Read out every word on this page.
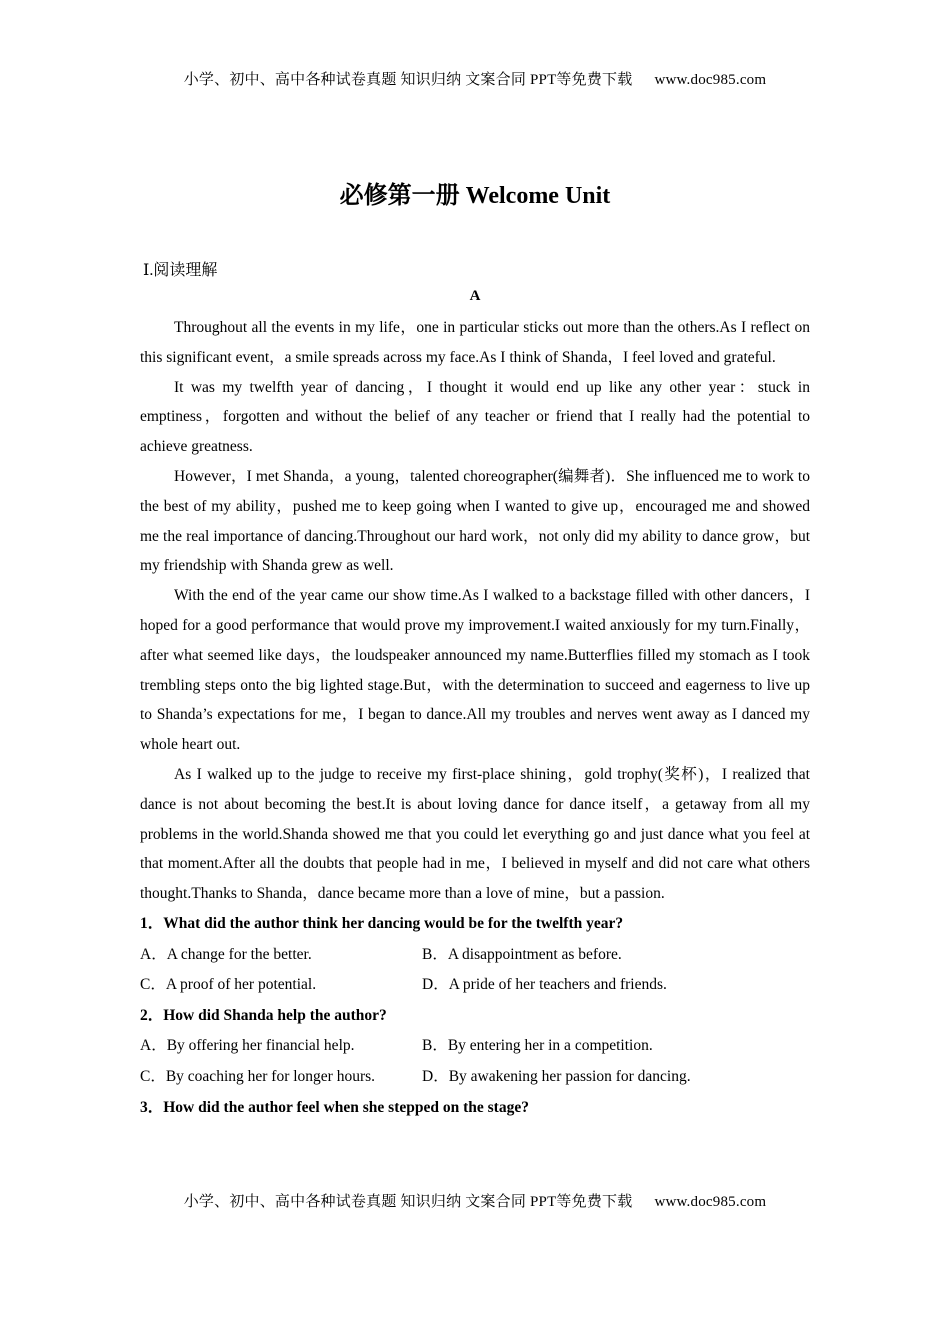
小学、初中、高中各种试卷真题 知识归纳 文案合同 PPT等免费下载 www.doc985.com
必修第一册 Welcome Unit
Ⅰ.阅读理解
A

Throughout all the events in my life，one in particular sticks out more than the others.As I reflect on this significant event，a smile spreads across my face.As I think of Shanda，I feel loved and grateful.

It was my twelfth year of dancing，I thought it would end up like any other year：stuck in emptiness，forgotten and without the belief of any teacher or friend that I really had the potential to achieve greatness.

However，I met Shanda，a young，talented choreographer(编舞者)．She influenced me to work to the best of my ability，pushed me to keep going when I wanted to give up，encouraged me and showed me the real importance of dancing.Throughout our hard work，not only did my ability to dance grow，but my friendship with Shanda grew as well.

With the end of the year came our show time.As I walked to a backstage filled with other dancers，I hoped for a good performance that would prove my improvement.I waited anxiously for my turn.Finally，after what seemed like days，the loudspeaker announced my name.Butterflies filled my stomach as I took trembling steps onto the big lighted stage.But，with the determination to succeed and eagerness to live up to Shanda’s expectations for me，I began to dance.All my troubles and nerves went away as I danced my whole heart out.

As I walked up to the judge to receive my first-place shining，gold trophy(奖杯)，I realized that dance is not about becoming the best.It is about loving dance for dance itself，a getaway from all my problems in the world.Shanda showed me that you could let everything go and just dance what you feel at that moment.After all the doubts that people had in me，I believed in myself and did not care what others thought.Thanks to Shanda，dance became more than a love of mine，but a passion.

1．What did the author think her dancing would be for the twelfth year?
A．A change for the better.	B．A disappointment as before.
C．A proof of her potential.	D．A pride of her teachers and friends.
2．How did Shanda help the author?
A．By offering her financial help.	B．By entering her in a competition.
C．By coaching her for longer hours.	D．By awakening her passion for dancing.
3．How did the author feel when she stepped on the stage?
小学、初中、高中各种试卷真题 知识归纳 文案合同 PPT等免费下载 www.doc985.com
